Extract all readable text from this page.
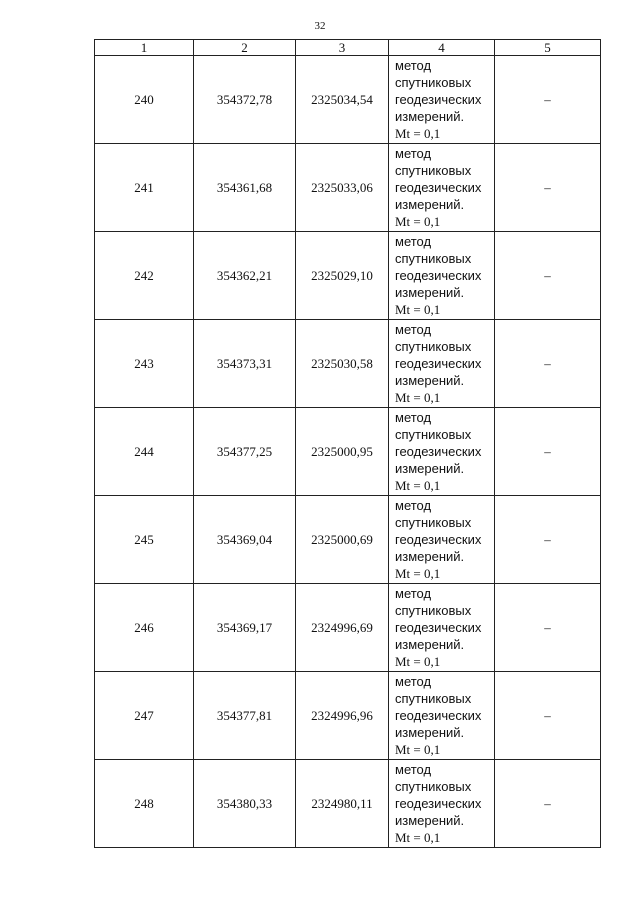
32
1	2	3	4	5
240	354372,78	2325034,54	метод
спутниковых
геодезических
измерений.
Mt = 0,1	–
241	354361,68	2325033,06	метод
спутниковых
геодезических
измерений.
Mt = 0,1	–
242	354362,21	2325029,10	метод
спутниковых
геодезических
измерений.
Mt = 0,1	–
243	354373,31	2325030,58	метод
спутниковых
геодезических
измерений.
Mt = 0,1	–
244	354377,25	2325000,95	метод
спутниковых
геодезических
измерений.
Mt = 0,1	–
245	354369,04	2325000,69	метод
спутниковых
геодезических
измерений.
Mt = 0,1	–
246	354369,17	2324996,69	метод
спутниковых
геодезических
измерений.
Mt = 0,1	–
247	354377,81	2324996,96	метод
спутниковых
геодезических
измерений.
Mt = 0,1	–
248	354380,33	2324980,11	метод
спутниковых
геодезических
измерений.
Mt = 0,1	–
